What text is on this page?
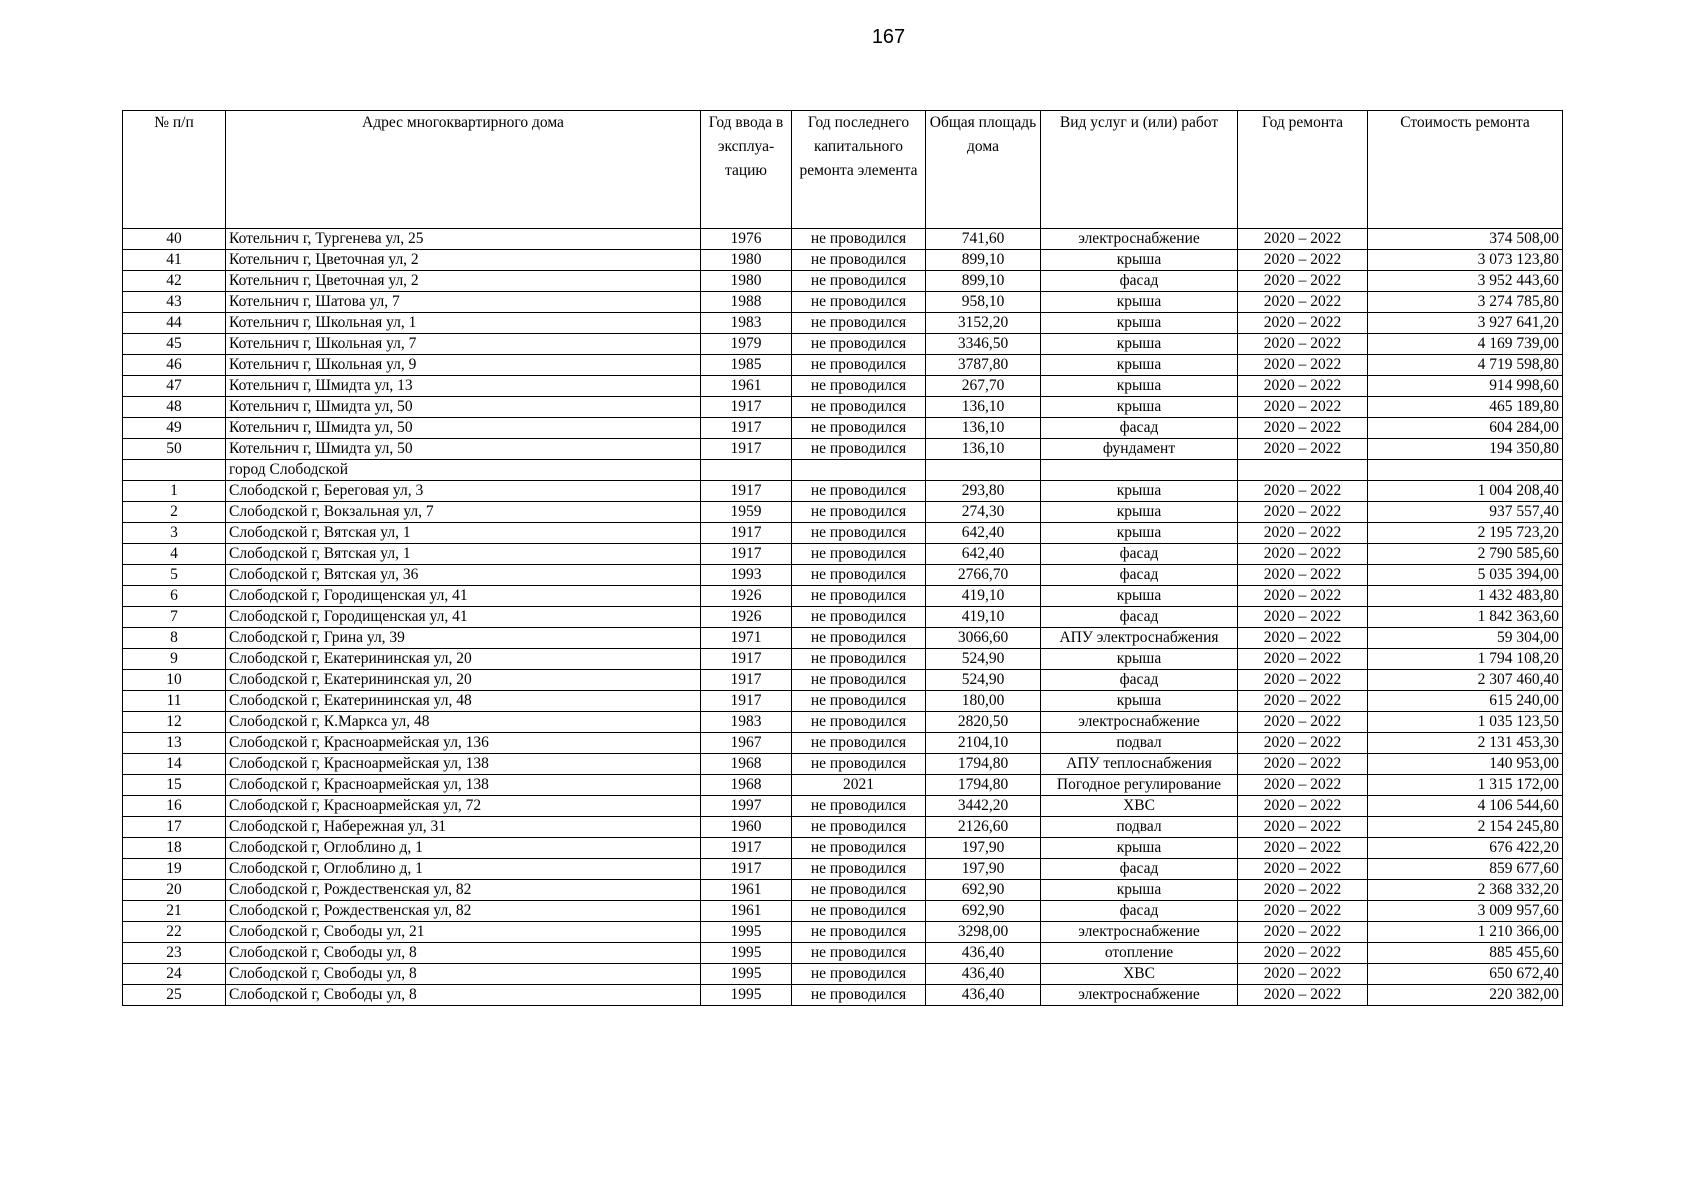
167
№ п/п	Адрес многоквартирного дома	Год ввода в эксплуа-тацию	Год последнего капитального ремонта элемента	Общая площадь дома	Вид услуг и (или) работ	Год ремонта	Стоимость ремонта
40	Котельнич г, Тургенева ул, 25	1976	не проводился	741,60	электроснабжение	2020 – 2022	374 508,00
41	Котельнич г, Цветочная ул, 2	1980	не проводился	899,10	крыша	2020 – 2022	3 073 123,80
42	Котельнич г, Цветочная ул, 2	1980	не проводился	899,10	фасад	2020 – 2022	3 952 443,60
43	Котельнич г, Шатова ул, 7	1988	не проводился	958,10	крыша	2020 – 2022	3 274 785,80
44	Котельнич г, Школьная ул, 1	1983	не проводился	3152,20	крыша	2020 – 2022	3 927 641,20
45	Котельнич г, Школьная ул, 7	1979	не проводился	3346,50	крыша	2020 – 2022	4 169 739,00
46	Котельнич г, Школьная ул, 9	1985	не проводился	3787,80	крыша	2020 – 2022	4 719 598,80
47	Котельнич г, Шмидта ул, 13	1961	не проводился	267,70	крыша	2020 – 2022	914 998,60
48	Котельнич г, Шмидта ул, 50	1917	не проводился	136,10	крыша	2020 – 2022	465 189,80
49	Котельнич г, Шмидта ул, 50	1917	не проводился	136,10	фасад	2020 – 2022	604 284,00
50	Котельнич г, Шмидта ул, 50	1917	не проводился	136,10	фундамент	2020 – 2022	194 350,80
	город Слободской						
1	Слободской г, Береговая ул, 3	1917	не проводился	293,80	крыша	2020 – 2022	1 004 208,40
2	Слободской г, Вокзальная ул, 7	1959	не проводился	274,30	крыша	2020 – 2022	937 557,40
3	Слободской г, Вятская ул, 1	1917	не проводился	642,40	крыша	2020 – 2022	2 195 723,20
4	Слободской г, Вятская ул, 1	1917	не проводился	642,40	фасад	2020 – 2022	2 790 585,60
5	Слободской г, Вятская ул, 36	1993	не проводился	2766,70	фасад	2020 – 2022	5 035 394,00
6	Слободской г, Городищенская ул, 41	1926	не проводился	419,10	крыша	2020 – 2022	1 432 483,80
7	Слободской г, Городищенская ул, 41	1926	не проводился	419,10	фасад	2020 – 2022	1 842 363,60
8	Слободской г, Грина ул, 39	1971	не проводился	3066,60	АПУ электроснабжения	2020 – 2022	59 304,00
9	Слободской г, Екатерининская ул, 20	1917	не проводился	524,90	крыша	2020 – 2022	1 794 108,20
10	Слободской г, Екатерининская ул, 20	1917	не проводился	524,90	фасад	2020 – 2022	2 307 460,40
11	Слободской г, Екатерининская ул, 48	1917	не проводился	180,00	крыша	2020 – 2022	615 240,00
12	Слободской г, К.Маркса ул, 48	1983	не проводился	2820,50	электроснабжение	2020 – 2022	1 035 123,50
13	Слободской г, Красноармейская ул, 136	1967	не проводился	2104,10	подвал	2020 – 2022	2 131 453,30
14	Слободской г, Красноармейская ул, 138	1968	не проводился	1794,80	АПУ теплоснабжения	2020 – 2022	140 953,00
15	Слободской г, Красноармейская ул, 138	1968	2021	1794,80	Погодное регулирование	2020 – 2022	1 315 172,00
16	Слободской г, Красноармейская ул, 72	1997	не проводился	3442,20	ХВС	2020 – 2022	4 106 544,60
17	Слободской г, Набережная ул, 31	1960	не проводился	2126,60	подвал	2020 – 2022	2 154 245,80
18	Слободской г, Оглоблино д, 1	1917	не проводился	197,90	крыша	2020 – 2022	676 422,20
19	Слободской г, Оглоблино д, 1	1917	не проводился	197,90	фасад	2020 – 2022	859 677,60
20	Слободской г, Рождественская ул, 82	1961	не проводился	692,90	крыша	2020 – 2022	2 368 332,20
21	Слободской г, Рождественская ул, 82	1961	не проводился	692,90	фасад	2020 – 2022	3 009 957,60
22	Слободской г, Свободы ул, 21	1995	не проводился	3298,00	электроснабжение	2020 – 2022	1 210 366,00
23	Слободской г, Свободы ул, 8	1995	не проводился	436,40	отопление	2020 – 2022	885 455,60
24	Слободской г, Свободы ул, 8	1995	не проводился	436,40	ХВС	2020 – 2022	650 672,40
25	Слободской г, Свободы ул, 8	1995	не проводился	436,40	электроснабжение	2020 – 2022	220 382,00
